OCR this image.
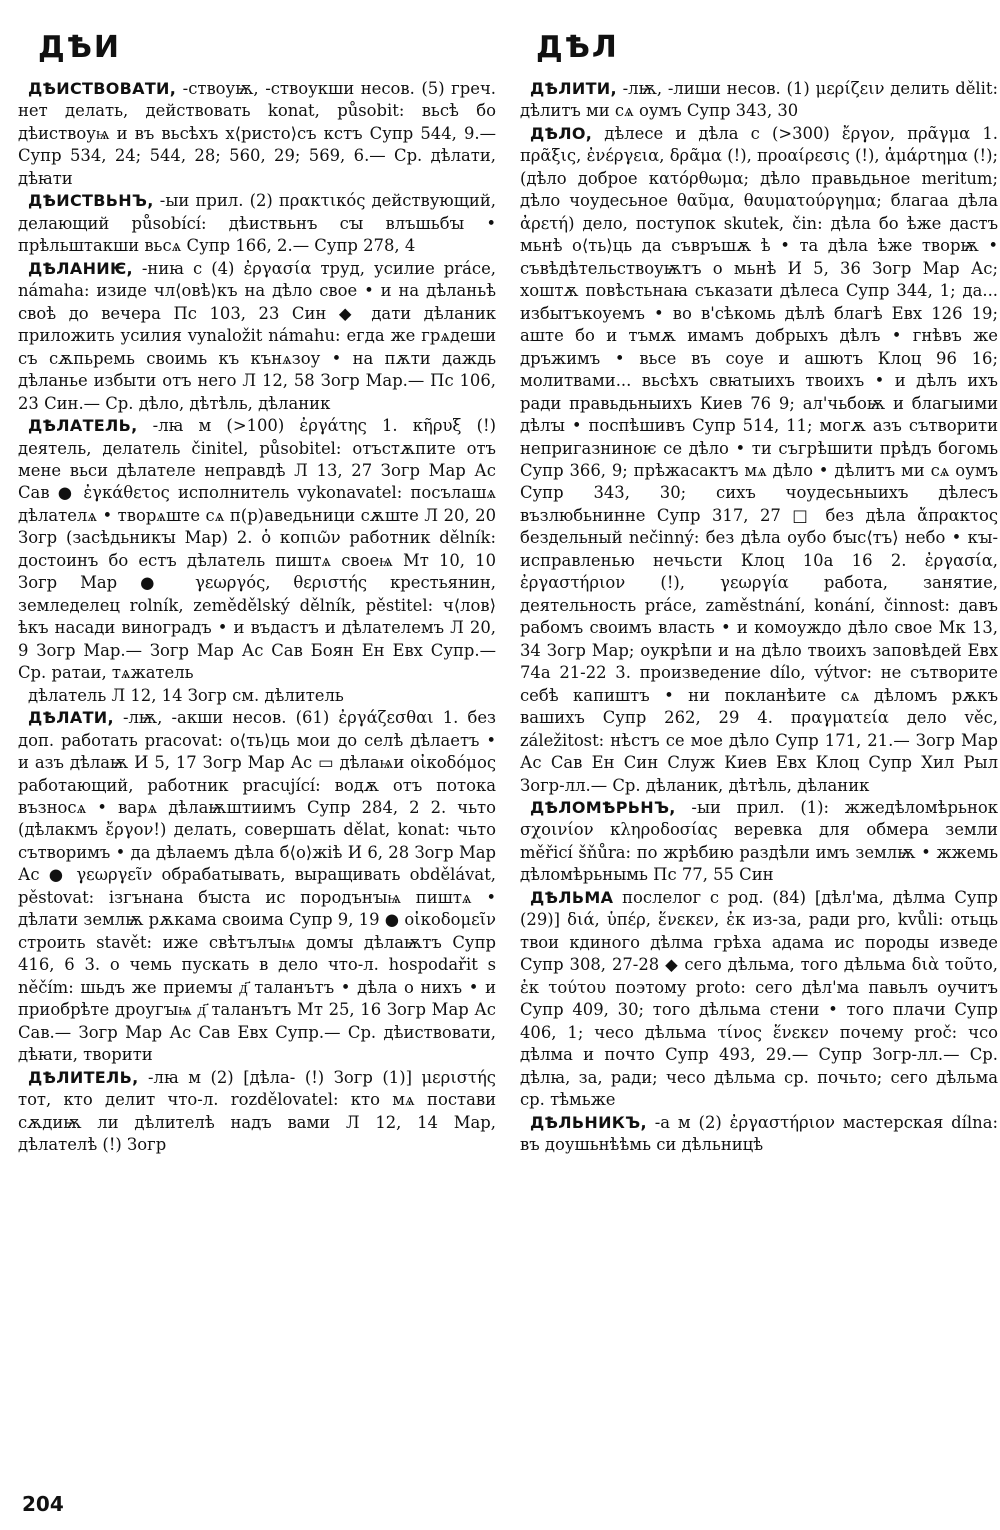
ДѢИ

ДѢИСТВОВАТИ, -ствоуѭ, -ствоукши несов. (5) греч. нет делать, действовать konat, působit: вьсѣ бо дѣиствоуѩ и въ вьсѣхъ х⟨ристо⟩съ кстъ Супр 544, 9.— Супр 534, 24; 544, 28; 560, 29; 569, 6.— Ср. дѣлати, дѣꙗти

ДѢИСТВЬНЪ, -ыи прил. (2) πρακτικός действующий, делающий působící: дѣиствьнъ сꙑ влъшьбꙑ • прѣльштакши вьсѧ Супр 166, 2.— Супр 278, 4

ДѢЛАНИѤ, -ниꙗ с (4) ἐργασία труд, усилие práce, námaha: изиде чл⟨овѣ⟩къ на дѣло свое • и на дѣланьѣ своѣ до вечера Пс 103, 23 Син ◆ дати дѣланик приложить усилия vynaložit námahu: егда же грѧдеши съ сѫпьремь своимь къ кънѧзоу • на пѫти даждь дѣланье избыти отъ него Л 12, 58 Зогр Мар.— Пс 106, 23 Син.— Ср. дѣло, дѣтѣль, дѣланик

ДѢЛАТЕЛЬ, -лꙗ м (>100) ἐργάτης 1. κῆρυξ (!) деятель, делатель činitel, působitel: отъстѫпите отъ мене вьси дѣлателе неправдѣ Л 13, 27 Зогр Мар Ас Сав ● ἐγκάθετος исполнитель vykonavatel: посълашѧ дѣлателѧ • творѧште сѧ п(р)аведьници сѫште Л 20, 20 Зогр (засѣдьникꙑ Мар) 2. ὁ κοπιῶν работник dělník: достоинъ бо естъ дѣлатель пиштѧ своеѩ Мт 10, 10 Зогр Мар ● γεωργός, θεριστής крестьянин, земледелец rolník, zemědělský dělník, pěstitel: ч⟨лов⟩ѣкъ насади виноградъ • и въдастъ и дѣлателемъ Л 20, 9 Зогр Мар.— Зогр Мар Ас Сав Боян Ен Евх Супр.— Ср. ратаи, тѧжатель

дѣлатель Л 12, 14 Зогр см. дѣлитель

ДѢЛАТИ, -лѭ, -акши несов. (61) ἐργάζεσθαι 1. без доп. работать pracovat: о⟨ть⟩ць мои до селѣ дѣлаетъ • и азъ дѣлаѭ И 5, 17 Зогр Мар Ас ▭ дѣлаѩи οἰκοδόμος работающий, работник pracující: водѫ отъ потока възносѧ • варѧ дѣлаѭштиимъ Супр 284, 2 2. чьто (дѣлакмъ ἔργον!) делать, совершать dělat, konat: чьто сътворимъ • да дѣлаемъ дѣла б⟨о⟩жіѣ И 6, 28 Зогр Мар Ас ● γεωργεῖν обрабатывать, выращивать obdělávat, pěstovat: ізгънана бꙑста ис породънꙑѩ пиштѧ • дѣлати землѭ рѫкама своима Супр 9, 19 ● οἰκοδομεῖν строить stavět: иже свѣтълꙑѩ домꙑ дѣлаѭтъ Супр 416, 6 3. о чемь пускать в дело что-л. hospodařit s něčím: шьдъ же приемꙑ д҃ таланътъ • дѣла о нихъ • и приобрѣте дроугꙑѩ д҃ таланътъ Мт 25, 16 Зогр Мар Ас Сав.— Зогр Мар Ас Сав Евх Супр.— Ср. дѣиствовати, дѣꙗти, творити

ДѢЛИТЕЛЬ, -лꙗ м (2) [дѣла- (!) Зогр (1)] μεριστής тот, кто делит что-л. rozdělovatel: кто мѧ постави сѫдиѭ ли дѣлителѣ надъ вами Л 12, 14 Мар, дѣлателѣ (!) Зогр

ДѢЛ

ДѢЛИТИ, -лѭ, -лиши несов. (1) μερίζειν делить dělit: дѣлитъ ми сѧ оумъ Супр 343, 30

ДѢЛО, дѣлесе и дѣла с (>300) ἔργον, πρᾶγμα 1. πρᾶξις, ἐνέργεια, δρᾶμα (!), προαίρεσις (!), ἁμάρτημα (!); (дѣло доброе κατόρθωμα; дѣло правьдьное meritum; дѣло чоудесьное θαῦμα, θαυματούργημα; благаа дѣла ἀρετή) дело, поступок skutek, čin: дѣла бо ѣже дастъ мьнѣ о⟨ть⟩ць да съвръшѫ ѣ • та дѣла ѣже творѭ • съвѣдѣтельствоуѭтъ о мьнѣ И 5, 36 Зогр Мар Ас; хоштѫ повѣстьнаꙗ съказати дѣлеса Супр 344, 1; да... избытъкоуемъ • во в'сѣкомь дѣлѣ благѣ Евх 126 19; аште бо и тъмѫ имамъ добрыхъ дѣлъ • гнѣвъ же дръжимъ • вьсе въ соуе и ашютъ Клоц 96 16; молитвами... вьсѣхъ свꙗтыихъ твоихъ • и дѣлъ ихъ ради правьдьныихъ Киев 76 9; ал'чьбоѭ и благыими дѣлꙑ • поспѣшивъ Супр 514, 11; могѫ азъ сътворити непригазниноѥ се дѣло • ти съгрѣшити прѣдъ богомь Супр 366, 9; прѣжасактъ мѧ дѣло • дѣлитъ ми сѧ оумъ Супр 343, 30; сихъ чоудесьныихъ дѣлесъ възлюбьнинне Супр 317, 27 □ без дѣла ἄπρακτος бездельный nečinný: без дѣла оубо бꙑс⟨тъ⟩ небо • кꙑ-исправленью нечьсти Клоц 10а 16 2. ἐργασία, ἐργαστήριον (!), γεωργία работа, занятие, деятельность práce, zaměstnání, konání, činnost: давъ рабомъ своимъ власть • и комоуждо дѣло свое Мк 13, 34 Зогр Мар; оукрѣпи и на дѣло твоихъ заповѣдей Евх 74а 21-22 3. произведение dílo, výtvor: не сътворите себѣ капиштъ • ни покланѣите сѧ дѣломъ рѫкъ вашихъ Супр 262, 29 4. πραγματεία дело věc, záležitost: нѣстъ се мое дѣло Супр 171, 21.— Зогр Мар Ас Сав Ен Син Служ Киев Евх Клоц Супр Хил Рыл Зогр-лл.— Ср. дѣланик, дѣтѣль, дѣланик

ДѢЛОМѢРЬНЪ, -ыи прил. (1): жжедѣломѣрьнок σχοινίον κληροδοσίας веревка для обмера земли měřicí šňůra: по жрѣбию раздѣли имъ землѭ • жжемь дѣломѣрьнымь Пс 77, 55 Син

ДѢЛЬМА послелог с род. (84) [дѣл'ма, дѣлма Супр (29)] διά, ὑπέρ, ἕνεκεν, ἐκ из-за, ради pro, kvůli: отьць твои кдиного дѣлма грѣха адама ис породы изведе Супр 308, 27-28 ◆ сего дѣльма, того дѣльма διὰ τοῦτο, ἐκ τούτου поэтому proto: сего дѣл'ма павьлъ оучитъ Супр 409, 30; того дѣльма стени • того плачи Супр 406, 1; чесо дѣльма τίνος ἕνεκεν почему proč: чсо дѣлма и почто Супр 493, 29.— Супр Зогр-лл.— Ср. дѣлꙗ, за, ради; чесо дѣльма ср. почьто; сего дѣльма ср. тѣмьже

ДѢЛЬНИКЪ, -а м (2) ἐργαστήριον мастерская dílna: въ доушьнѣѣмь си дѣльницѣ

204
